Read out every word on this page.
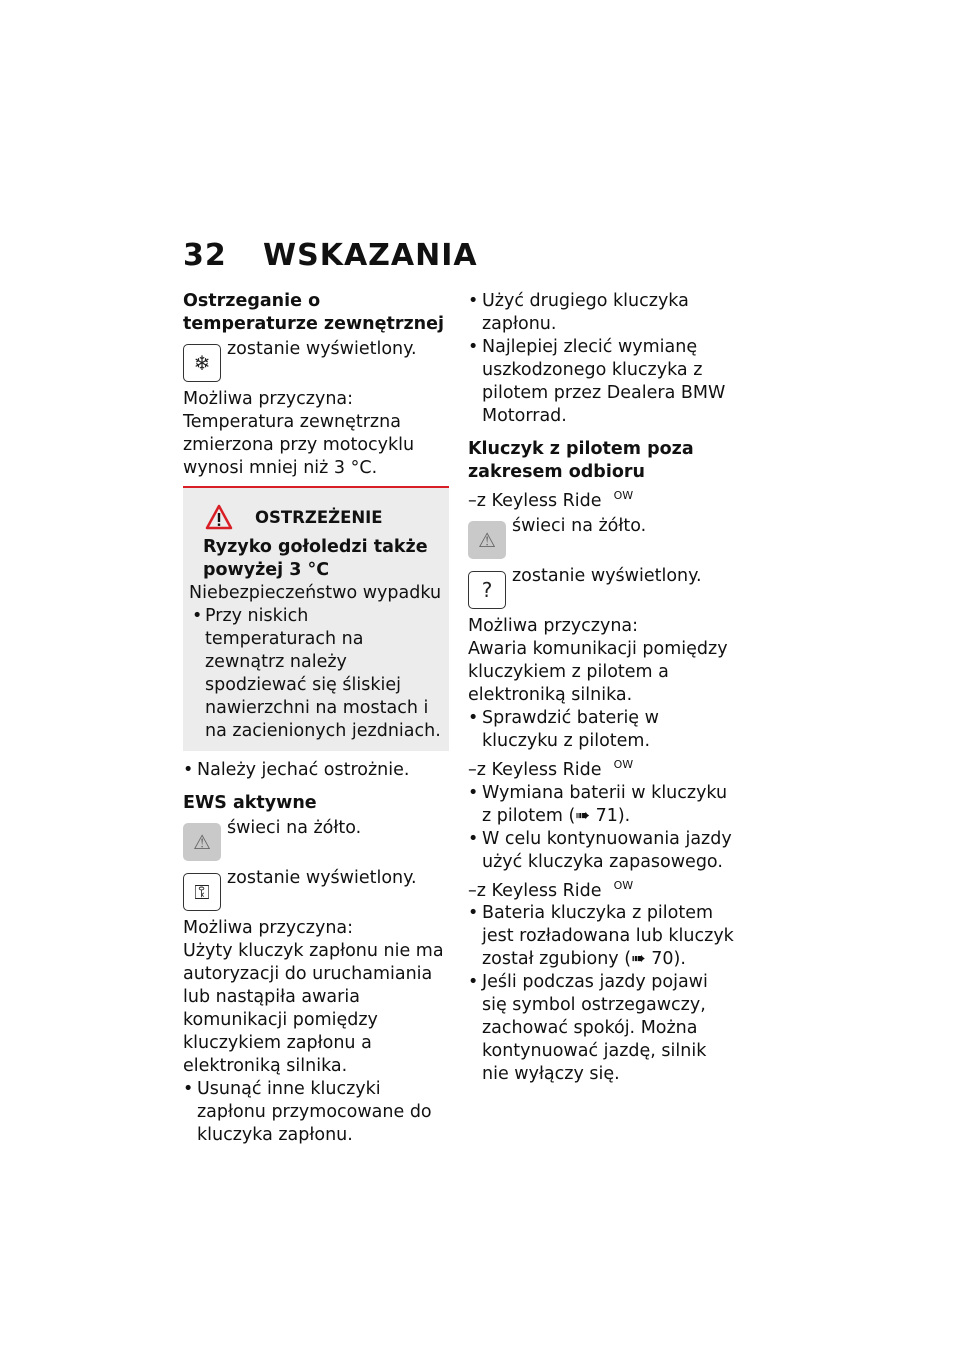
32 WSKAZANIA

Ostrzeganie o temperaturze zewnętrznej

❄
zostanie wyświetlony.

Możliwa przyczyna:

Temperatura zewnętrzna zmierzona przy motocyklu wynosi mniej niż 3 °C.

OSTRZEŻENIE

Ryzyko gołoledzi także powyżej 3 °C

Niebezpieczeństwo wypadku

• Przy niskich temperaturach na zewnątrz należy spodziewać się śliskiej nawierzchni na mostach i na zacienionych jezdniach.
• Należy jechać ostrożnie.

EWS aktywne

⚠
świeci na żółto.
⚿
zostanie wyświetlony.

Możliwa przyczyna:

Użyty kluczyk zapłonu nie ma autoryzacji do uruchamiania lub nastąpiła awaria komunikacji pomiędzy kluczykiem zapłonu a elektroniką silnika.

• Usunąć inne kluczyki zapłonu przymocowane do kluczyka zapłonu.
• Użyć drugiego kluczyka zapłonu.
• Najlepiej zlecić wymianę uszkodzonego kluczyka z pilotem przez Dealera BMW Motorrad.

Kluczyk z pilotem poza zakresem odbioru

–z Keyless Ride $^{OW}$

⚠
świeci na żółto.
?
zostanie wyświetlony.

Możliwa przyczyna:

Awaria komunikacji pomiędzy kluczykiem z pilotem a elektroniką silnika.

• Sprawdzić baterię w kluczyku z pilotem.

–z Keyless Ride $^{OW}$

• Wymiana baterii w kluczyku z pilotem (➠ 71).
• W celu kontynuowania jazdy użyć kluczyka zapasowego.

–z Keyless Ride $^{OW}$

• Bateria kluczyka z pilotem jest rozładowana lub kluczyk został zgubiony (➠ 70).
• Jeśli podczas jazdy pojawi się symbol ostrzegawczy, zachować spokój. Można kontynuować jazdę, silnik nie wyłączy się.
